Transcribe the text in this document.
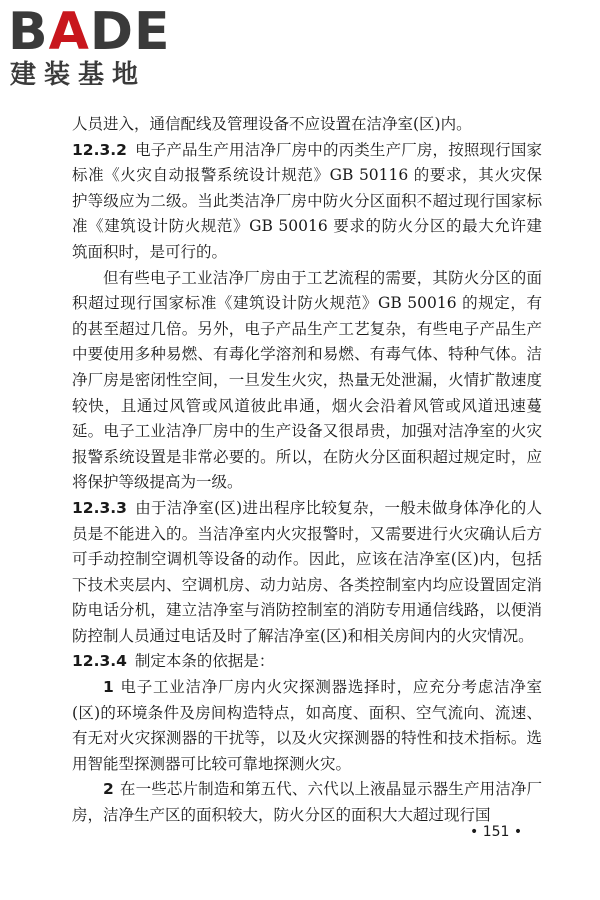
BADE
建装基地

人员进入，通信配线及管理设备不应设置在洁净室(区)内。

12.3.2 电子产品生产用洁净厂房中的丙类生产厂房，按照现行国家标准《火灾自动报警系统设计规范》GB 50116 的要求，其火灾保护等级应为二级。当此类洁净厂房中防火分区面积不超过现行国家标准《建筑设计防火规范》GB 50016 要求的防火分区的最大允许建筑面积时，是可行的。

但有些电子工业洁净厂房由于工艺流程的需要，其防火分区的面积超过现行国家标准《建筑设计防火规范》GB 50016 的规定，有的甚至超过几倍。另外，电子产品生产工艺复杂，有些电子产品生产中要使用多种易燃、有毒化学溶剂和易燃、有毒气体、特种气体。洁净厂房是密闭性空间，一旦发生火灾，热量无处泄漏，火情扩散速度较快，且通过风管或风道彼此串通，烟火会沿着风管或风道迅速蔓延。电子工业洁净厂房中的生产设备又很昂贵，加强对洁净室的火灾报警系统设置是非常必要的。所以，在防火分区面积超过规定时，应将保护等级提高为一级。

12.3.3 由于洁净室(区)进出程序比较复杂，一般未做身体净化的人员是不能进入的。当洁净室内火灾报警时，又需要进行火灾确认后方可手动控制空调机等设备的动作。因此，应该在洁净室(区)内，包括下技术夹层内、空调机房、动力站房、各类控制室内均应设置固定消防电话分机，建立洁净室与消防控制室的消防专用通信线路，以便消防控制人员通过电话及时了解洁净室(区)和相关房间内的火灾情况。

12.3.4 制定本条的依据是：

1 电子工业洁净厂房内火灾探测器选择时，应充分考虑洁净室(区)的环境条件及房间构造特点，如高度、面积、空气流向、流速、有无对火灾探测器的干扰等，以及火灾探测器的特性和技术指标。选用智能型探测器可比较可靠地探测火灾。

2 在一些芯片制造和第五代、六代以上液晶显示器生产用洁净厂房，洁净生产区的面积较大，防火分区的面积大大超过现行国

• 151 •
